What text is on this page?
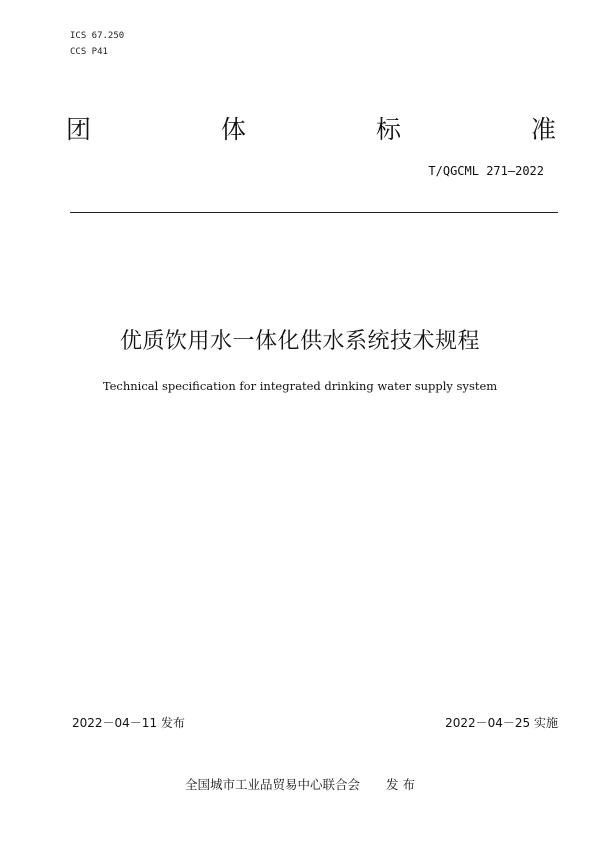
ICS 67.250
CCS P41
团	体	标	准
T/QGCML 271—2022
优质饮用水一体化供水系统技术规程
Technical specification for integrated drinking water supply system
2022－04－11 发布	2022－04－25 实施
全国城市工业品贸易中心联合会 发 布
